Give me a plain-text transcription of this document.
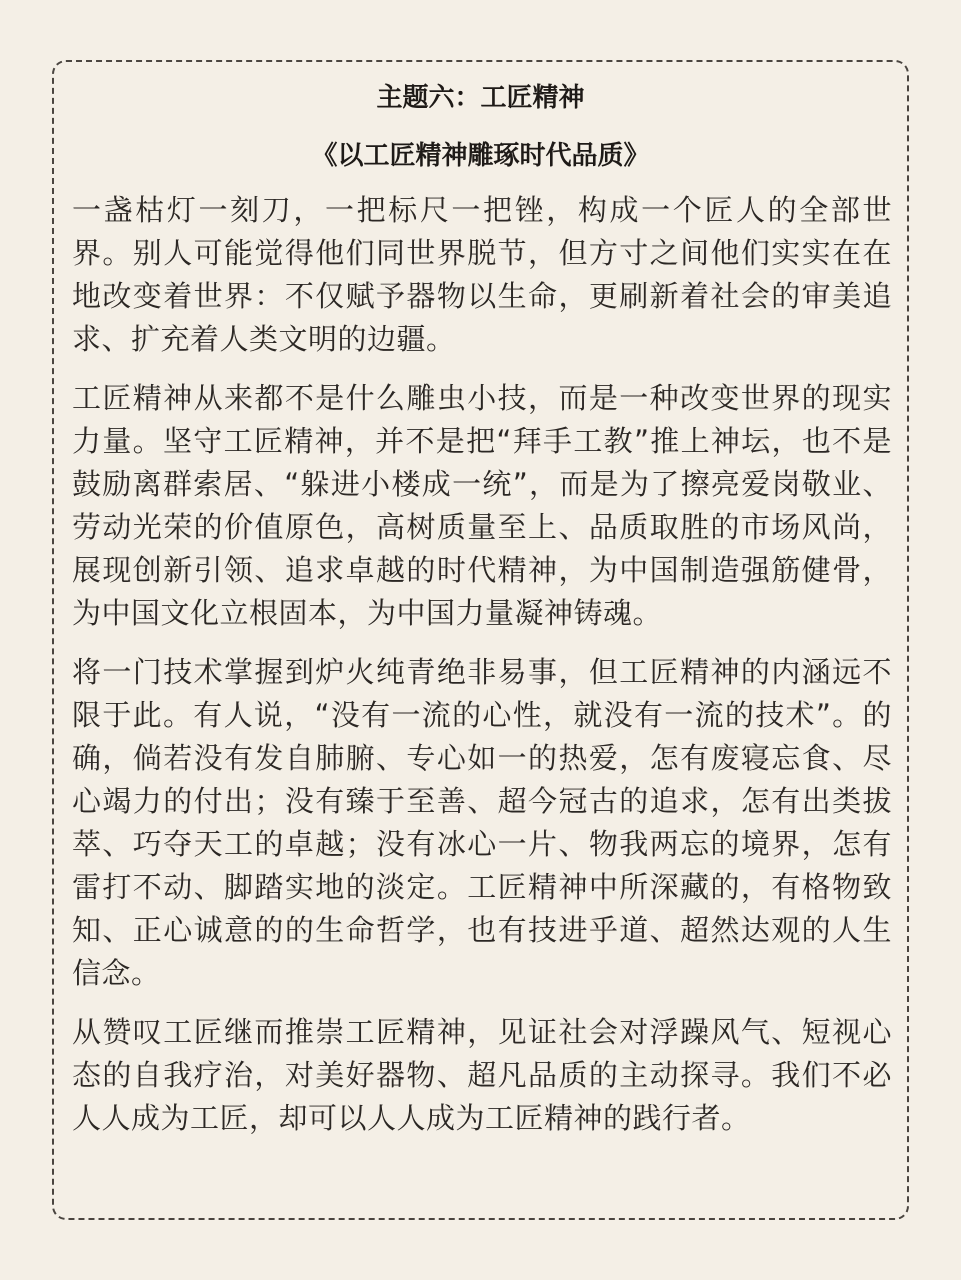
主题六：工匠精神
《以工匠精神雕琢时代品质》

一盏枯灯一刻刀，一把标尺一把锉，构成一个匠人的全部世界。别人可能觉得他们同世界脱节，但方寸之间他们实实在在地改变着世界：不仅赋予器物以生命，更刷新着社会的审美追求、扩充着人类文明的边疆。

工匠精神从来都不是什么雕虫小技，而是一种改变世界的现实力量。坚守工匠精神，并不是把“拜手工教”推上神坛，也不是鼓励离群索居、“躲进小楼成一统”，而是为了擦亮爱岗敬业、劳动光荣的价值原色，高树质量至上、品质取胜的市场风尚，展现创新引领、追求卓越的时代精神，为中国制造强筋健骨，为中国文化立根固本，为中国力量凝神铸魂。

将一门技术掌握到炉火纯青绝非易事，但工匠精神的内涵远不限于此。有人说，“没有一流的心性，就没有一流的技术”。的确，倘若没有发自肺腑、专心如一的热爱，怎有废寝忘食、尽心竭力的付出；没有臻于至善、超今冠古的追求，怎有出类拔萃、巧夺天工的卓越；没有冰心一片、物我两忘的境界，怎有雷打不动、脚踏实地的淡定。工匠精神中所深藏的，有格物致知、正心诚意的的生命哲学，也有技进乎道、超然达观的人生信念。

从赞叹工匠继而推崇工匠精神，见证社会对浮躁风气、短视心态的自我疗治，对美好器物、超凡品质的主动探寻。我们不必人人成为工匠，却可以人人成为工匠精神的践行者。
